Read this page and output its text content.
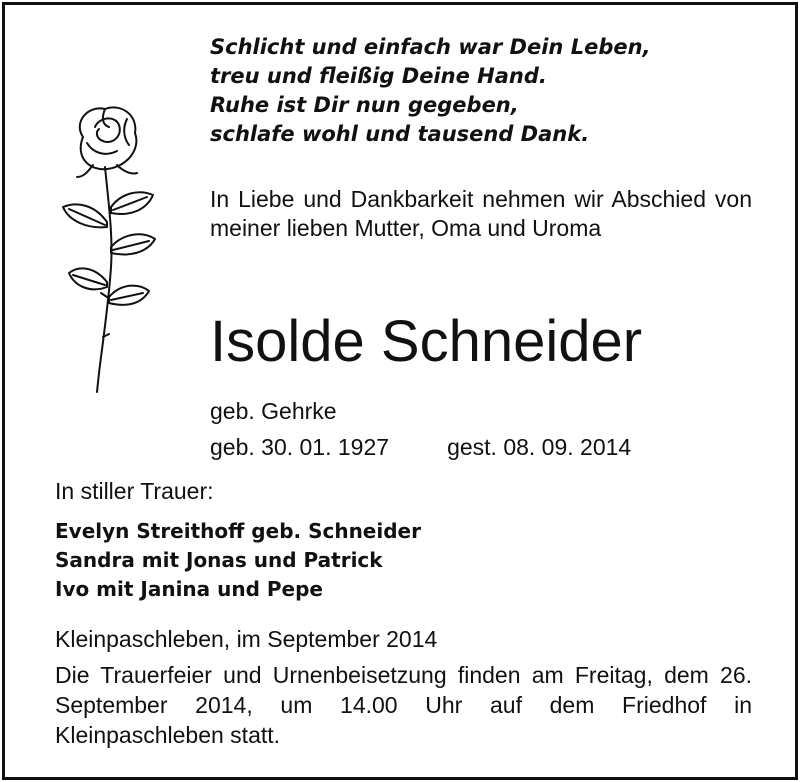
Schlicht und einfach war Dein Leben,
treu und fleißig Deine Hand.
Ruhe ist Dir nun gegeben,
schlafe wohl und tausend Dank.
In Liebe und Dankbarkeit nehmen wir Abschied von meiner lieben Mutter, Oma und Uroma
Isolde Schneider
geb. Gehrke
geb. 30. 01. 1927	gest. 08. 09. 2014
In stiller Trauer:
Evelyn Streithoff geb. Schneider
Sandra mit Jonas und Patrick
Ivo mit Janina und Pepe
Kleinpaschleben, im September 2014
Die Trauerfeier und Urnenbeisetzung finden am Freitag, dem 26. September 2014, um 14.00 Uhr auf dem Friedhof in Kleinpaschleben statt.
